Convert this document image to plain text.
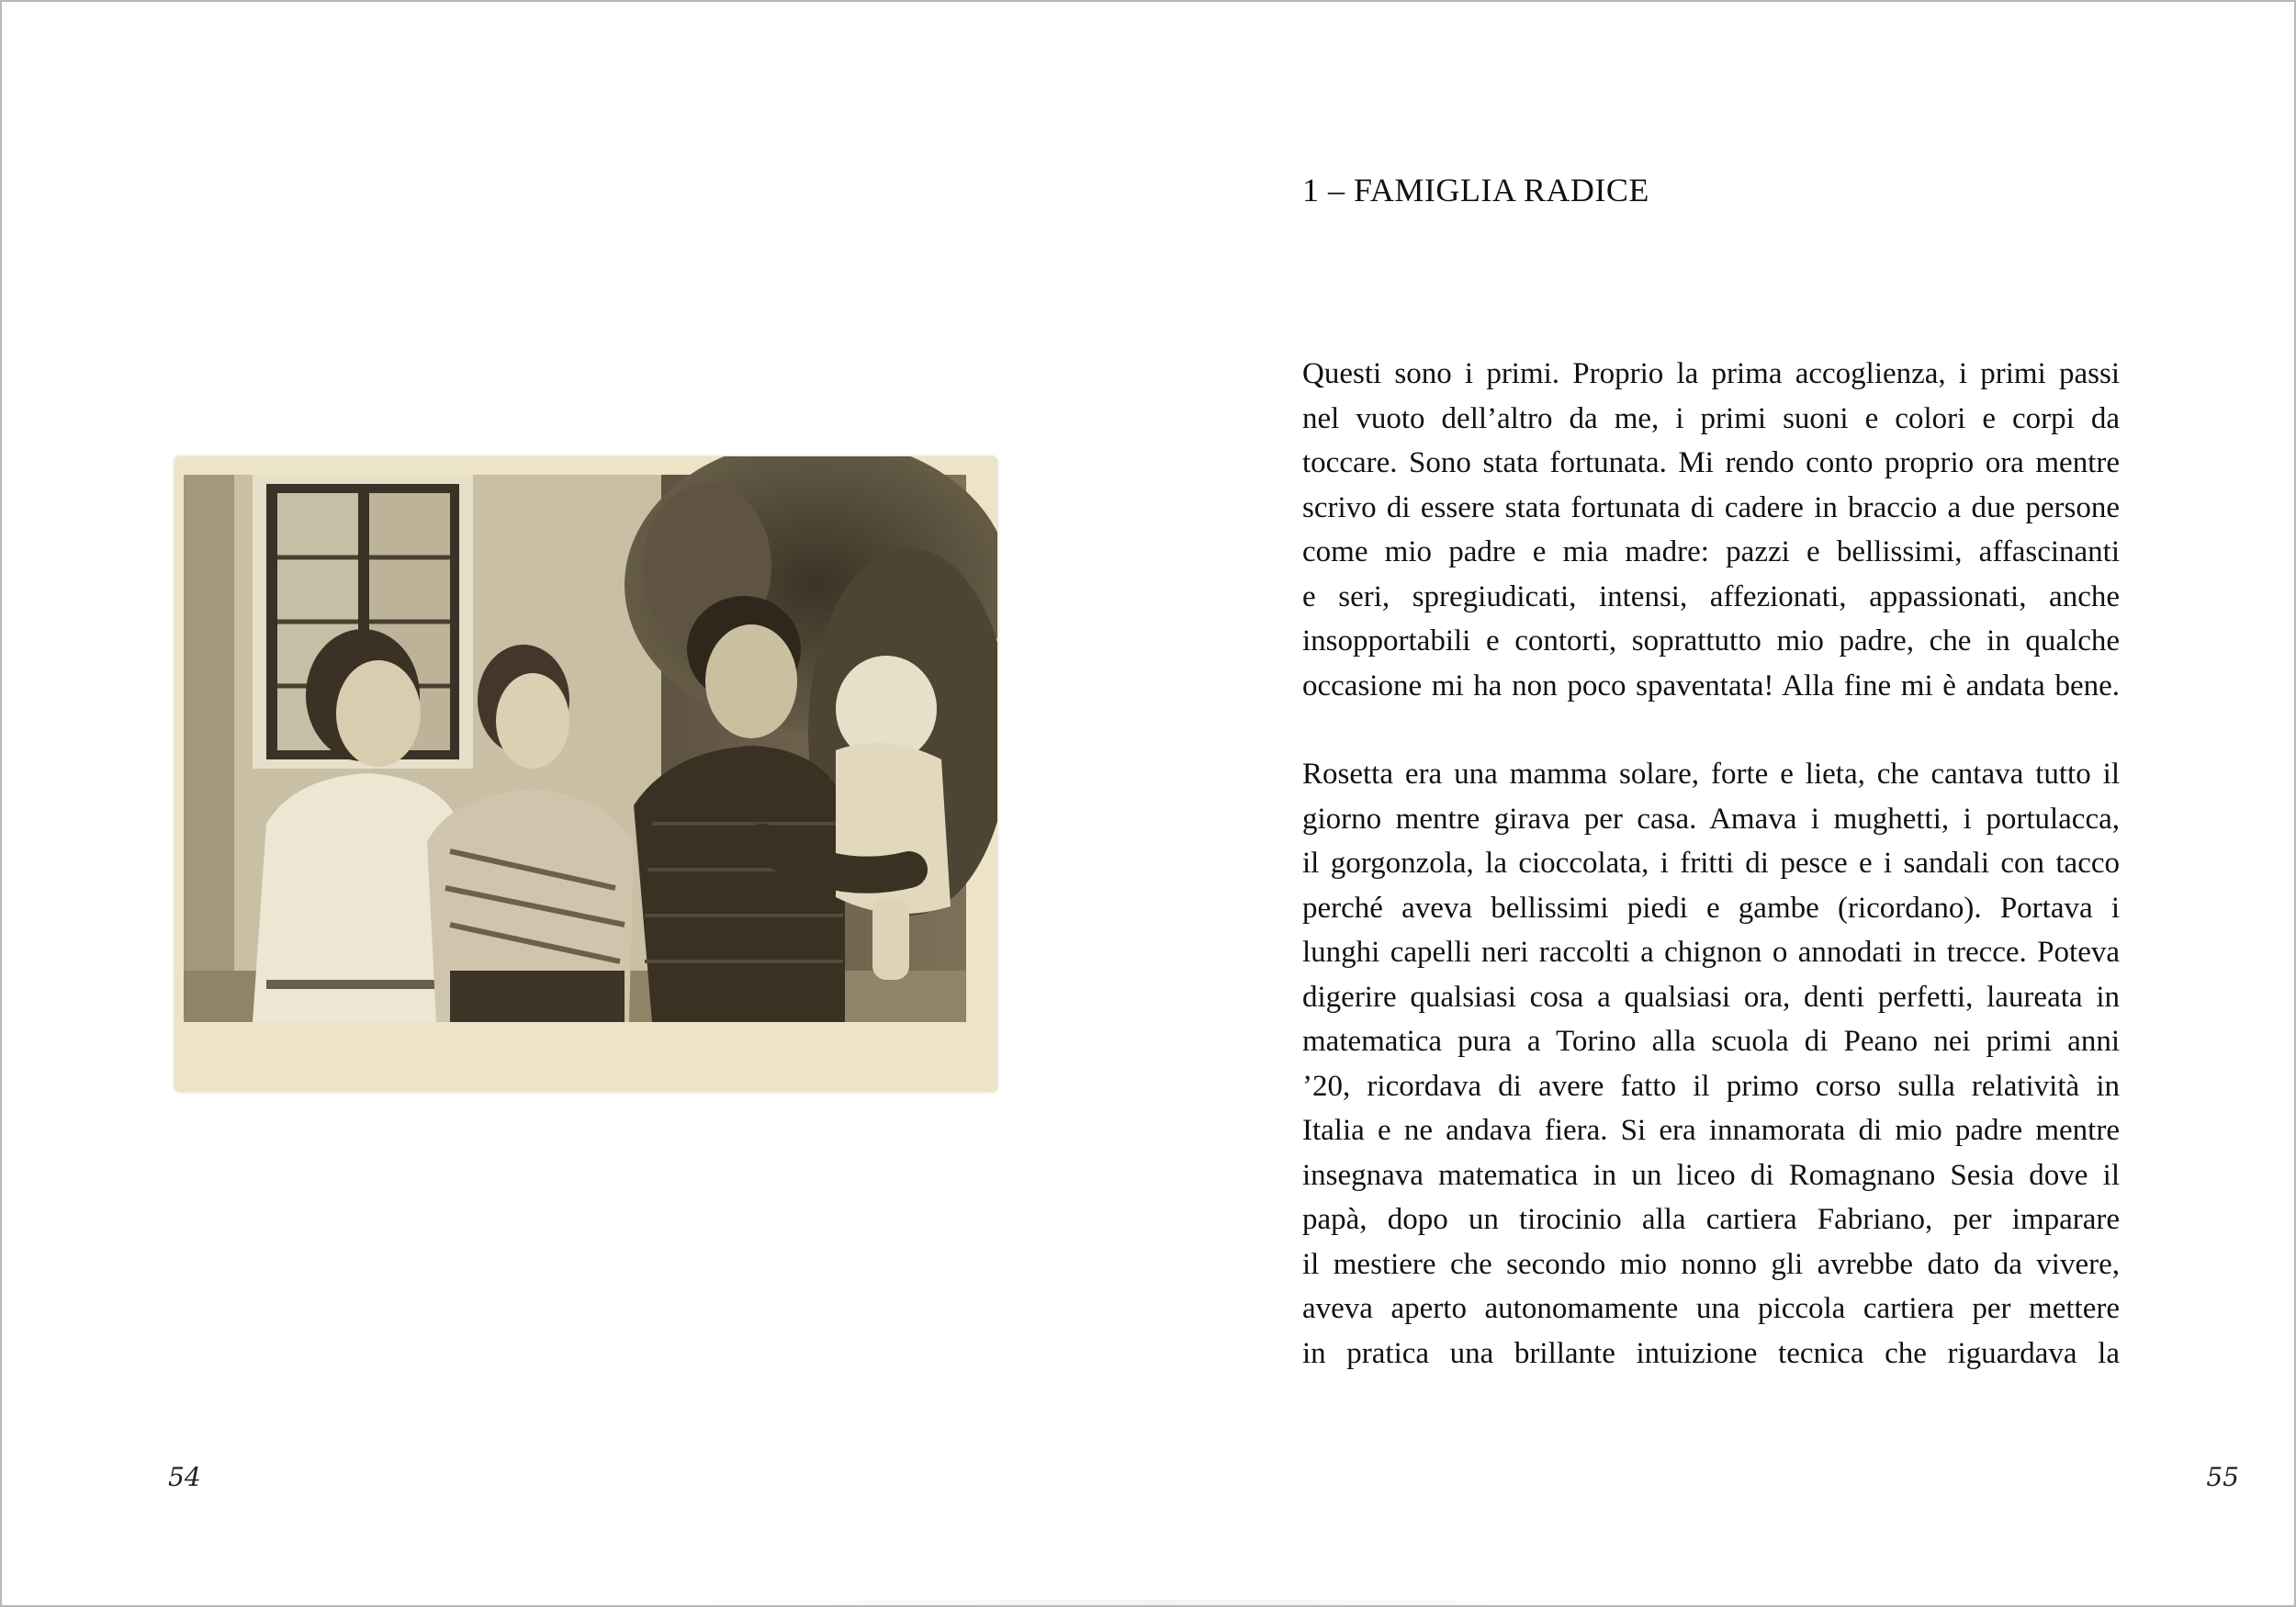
54
1 – FAMIGLIA RADICE

Questi sono i primi. Proprio la prima accoglienza, i primi passi
nel vuoto dell’altro da me, i primi suoni e colori e corpi da
toccare. Sono stata fortunata. Mi rendo conto proprio ora mentre
scrivo di essere stata fortunata di cadere in braccio a due persone
come mio padre e mia madre: pazzi e bellissimi, affascinanti
e seri, spregiudicati, intensi, affezionati, appassionati, anche
insopportabili e contorti, soprattutto mio padre, che in qualche
occasione mi ha non poco spaventata! Alla fine mi è andata bene.

Rosetta era una mamma solare, forte e lieta, che cantava tutto il
giorno mentre girava per casa. Amava i mughetti, i portulacca,
il gorgonzola, la cioccolata, i fritti di pesce e i sandali con tacco
perché aveva bellissimi piedi e gambe (ricordano). Portava i
lunghi capelli neri raccolti a chignon o annodati in trecce. Poteva
digerire qualsiasi cosa a qualsiasi ora, denti perfetti, laureata in
matematica pura a Torino alla scuola di Peano nei primi anni
’20, ricordava di avere fatto il primo corso sulla relatività in
Italia e ne andava fiera. Si era innamorata di mio padre mentre
insegnava matematica in un liceo di Romagnano Sesia dove il
papà, dopo un tirocinio alla cartiera Fabriano, per imparare
il mestiere che secondo mio nonno gli avrebbe dato da vivere,
aveva aperto autonomamente una piccola cartiera per mettere
in pratica una brillante intuizione tecnica che riguardava la

55
